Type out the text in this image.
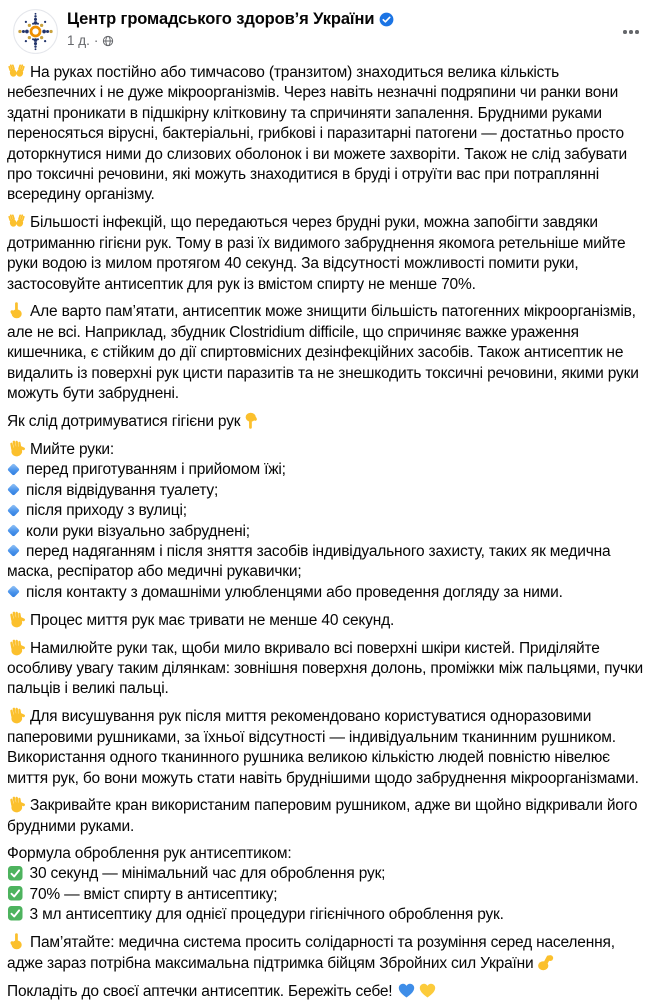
Центр громадського здоров’я України
1 д. ·
На руках постійно або тимчасово (транзитом) знаходиться велика кількість небезпечних і не дуже мікроорганізмів. Через навіть незначні подряпини чи ранки вони здатні проникати в підшкірну клітковину та спричиняти запалення. Брудними руками переносяться вірусні, бактеріальні, грибкові і паразитарні патогени — достатньо просто доторкнутися ними до слизових оболонок і ви можете захворіти. Також не слід забувати про токсичні речовини, які можуть знаходитися в бруді і отруїти вас при потраплянні всередину організму.
Більшості інфекцій, що передаються через брудні руки, можна запобігти завдяки дотриманню гігієни рук. Тому в разі їх видимого забруднення якомога ретельніше мийте руки водою із милом протягом 40 секунд. За відсутності можливості помити руки, застосовуйте антисептик для рук із вмістом спирту не менше 70%.
Але варто пам’ятати, антисептик може знищити більшість патогенних мікроорганізмів, але не всі. Наприклад, збудник Clostridium difficile, що спричиняє важке ураження кишечника, є стійким до дії спиртовмісних дезінфекційних засобів. Також антисептик не видалить із поверхні рук цисти паразитів та не знешкодить токсичні речовини, якими руки можуть бути забруднені.
Як слід дотримуватися гігієни рук
Мийте руки:
перед приготуванням і прийомом їжі;
після відвідування туалету;
після приходу з вулиці;
коли руки візуально забруднені;
перед надяганням і після зняття засобів індивідуального захисту, таких як медична маска, респіратор або медичні рукавички;
після контакту з домашніми улюбленцями або проведення догляду за ними.
Процес миття рук має тривати не менше 40 секунд.
Намилюйте руки так, щоби мило вкривало всі поверхні шкіри кистей. Приділяйте особливу увагу таким ділянкам: зовнішня поверхня долонь, проміжки між пальцями, пучки пальців і великі пальці.
Для висушування рук після миття рекомендовано користуватися одноразовими паперовими рушниками, за їхньої відсутності — індивідуальним тканинним рушником. Використання одного тканинного рушника великою кількістю людей повністю нівелює миття рук, бо вони можуть стати навіть бруднішими щодо забруднення мікроорганізмами.
Закривайте кран використаним паперовим рушником, адже ви щойно відкривали його брудними руками.
Формула оброблення рук антисептиком:
30 секунд — мінімальний час для оброблення рук;
70% — вміст спирту в антисептику;
3 мл антисептику для однієї процедури гігієнічного оброблення рук.
Пам’ятайте: медична система просить солідарності та розуміння серед населення, адже зараз потрібна максимальна підтримка бійцям Збройних сил України
Покладіть до своєї аптечки антисептик. Бережіть себе!
